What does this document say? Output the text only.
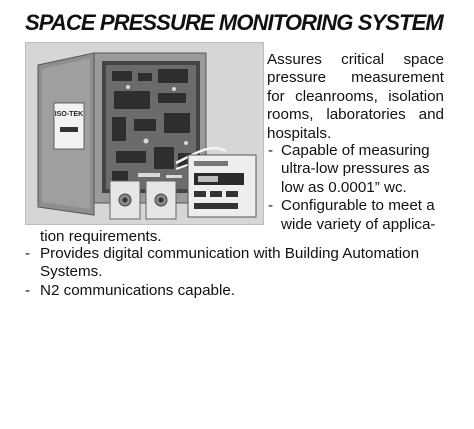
SPACE PRESSURE MONITORING SYSTEM
ISO-TEK

Assures critical space pressure measurement for cleanrooms, isolation rooms, laboratories and hospitals.

- Capable of measuring ultra-low pressures as low as 0.0001” wc.
- Configurable to meet a wide variety of applica-

tion requirements.

- Provides digital communication with Building Automation Systems.
- N2 communications capable.
